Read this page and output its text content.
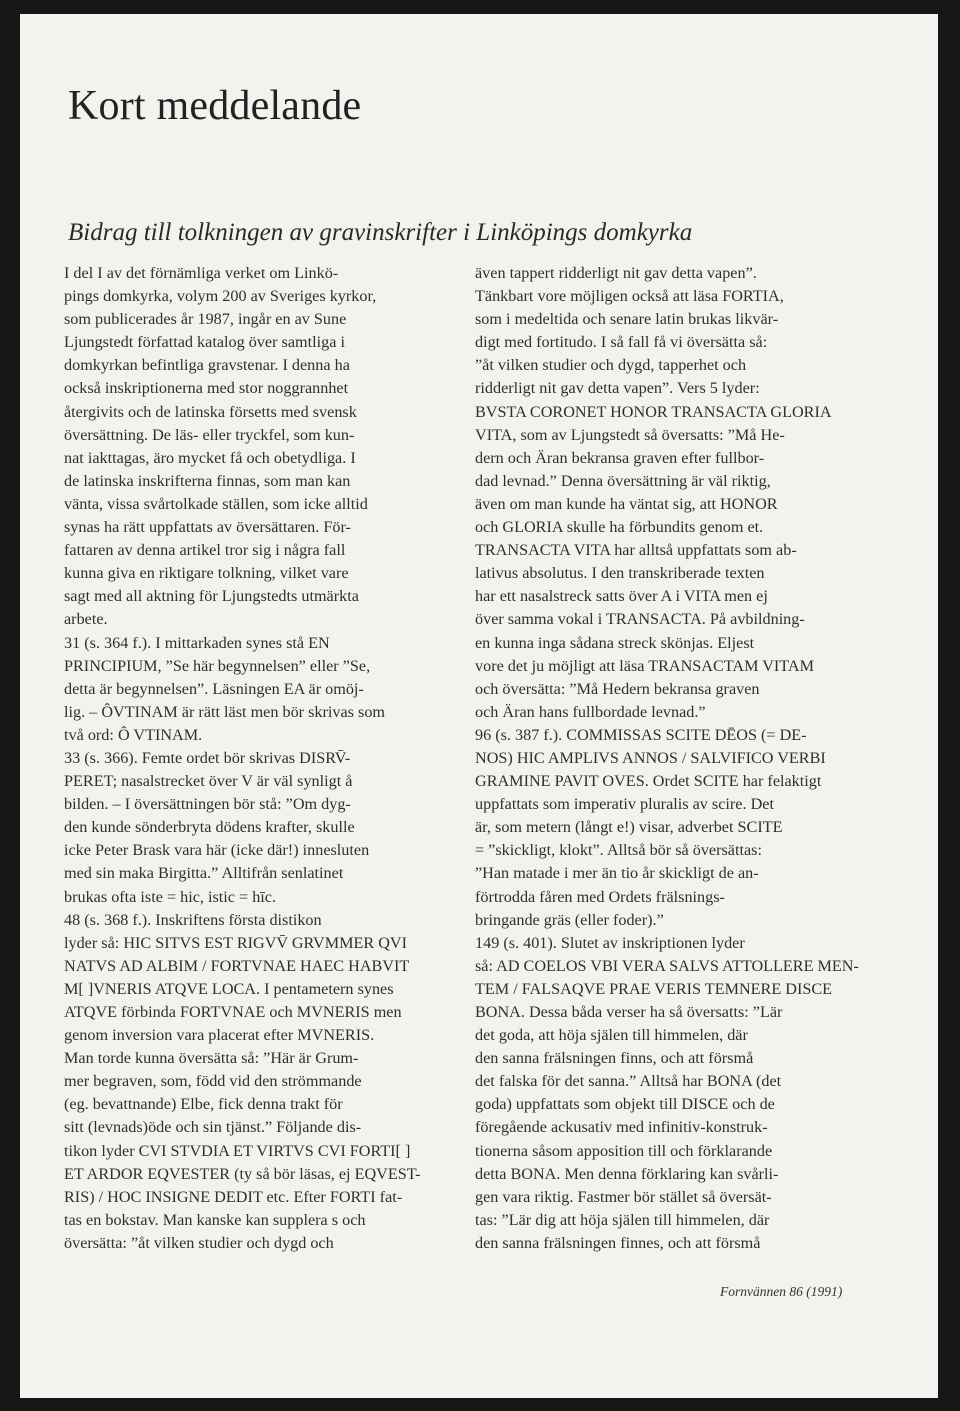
Kort meddelande
Bidrag till tolkningen av gravinskrifter i Linköpings domkyrka
I del I av det förnämliga verket om Linkö-
pings domkyrka, volym 200 av Sveriges kyrkor,
som publicerades år 1987, ingår en av Sune
Ljungstedt författad katalog över samtliga i
domkyrkan befintliga gravstenar. I denna ha
också inskriptionerna med stor noggrannhet
återgivits och de latinska försetts med svensk
översättning. De läs- eller tryckfel, som kun-
nat iakttagas, äro mycket få och obetydliga. I
de latinska inskrifterna finnas, som man kan
vänta, vissa svårtolkade ställen, som icke alltid
synas ha rätt uppfattats av översättaren. För-
fattaren av denna artikel tror sig i några fall
kunna giva en riktigare tolkning, vilket vare
sagt med all aktning för Ljungstedts utmärkta
arbete.
31 (s. 364 f.). I mittarkaden synes stå EN
PRINCIPIUM, ”Se här begynnelsen” eller ”Se,
detta är begynnelsen”. Läsningen EA är omöj-
lig. – ÔVTINAM är rätt läst men bör skrivas som
två ord: Ô VTINAM.
33 (s. 366). Femte ordet bör skrivas DISRV̄-
PERET; nasalstrecket över V är väl synligt å
bilden. – I översättningen bör stå: ”Om dyg-
den kunde sönderbryta dödens krafter, skulle
icke Peter Brask vara här (icke där!) innesluten
med sin maka Birgitta.” Alltifrån senlatinet
brukas ofta iste = hic, istic = hīc.
48 (s. 368 f.). Inskriftens första distikon
lyder så: HIC SITVS EST RIGVV̄ GRVMMER QVI
NATVS AD ALBIM / FORTVNAE HAEC HABVIT
M[ ]VNERIS ATQVE LOCA. I pentametern synes
ATQVE förbinda FORTVNAE och MVNERIS men
genom inversion vara placerat efter MVNERIS.
Man torde kunna översätta så: ”Här är Grum-
mer begraven, som, född vid den strömmande
(eg. bevattnande) Elbe, fick denna trakt för
sitt (levnads)öde och sin tjänst.” Följande dis-
tikon lyder CVI STVDIA ET VIRTVS CVI FORTI[ ]
ET ARDOR EQVESTER (ty så bör läsas, ej EQVEST-
RIS) / HOC INSIGNE DEDIT etc. Efter FORTI fat-
tas en bokstav. Man kanske kan supplera s och
översätta: ”åt vilken studier och dygd och
även tappert ridderligt nit gav detta vapen”.
Tänkbart vore möjligen också att läsa FORTIA,
som i medeltida och senare latin brukas likvär-
digt med fortitudo. I så fall få vi översätta så:
”åt vilken studier och dygd, tapperhet och
ridderligt nit gav detta vapen”. Vers 5 lyder:
BVSTA CORONET HONOR TRANSACTA GLORIA
VITA, som av Ljungstedt så översatts: ”Må He-
dern och Äran bekransa graven efter fullbor-
dad levnad.” Denna översättning är väl riktig,
även om man kunde ha väntat sig, att HONOR
och GLORIA skulle ha förbundits genom et.
TRANSACTA VITA har alltså uppfattats som ab-
lativus absolutus. I den transkriberade texten
har ett nasalstreck satts över A i VITA men ej
över samma vokal i TRANSACTA. På avbildning-
en kunna inga sådana streck skönjas. Eljest
vore det ju möjligt att läsa TRANSACTAM VITAM
och översätta: ”Må Hedern bekransa graven
och Äran hans fullbordade levnad.”
96 (s. 387 f.). COMMISSAS SCITE DĒOS (= DE-
NOS) HIC AMPLIVS ANNOS / SALVIFICO VERBI
GRAMINE PAVIT OVES. Ordet SCITE har felaktigt
uppfattats som imperativ pluralis av scire. Det
är, som metern (långt e!) visar, adverbet SCITE
= ”skickligt, klokt”. Alltså bör så översättas:
”Han matade i mer än tio år skickligt de an-
förtrodda fåren med Ordets frälsnings-
bringande gräs (eller foder).”
149 (s. 401). Slutet av inskriptionen lyder
så: AD COELOS VBI VERA SALVS ATTOLLERE MEN-
TEM / FALSAQVE PRAE VERIS TEMNERE DISCE
BONA. Dessa båda verser ha så översatts: ”Lär
det goda, att höja själen till himmelen, där
den sanna frälsningen finns, och att försmå
det falska för det sanna.” Alltså har BONA (det
goda) uppfattats som objekt till DISCE och de
föregående ackusativ med infinitiv-konstruk-
tionerna såsom apposition till och förklarande
detta BONA. Men denna förklaring kan svårli-
gen vara riktig. Fastmer bör stället så översät-
tas: ”Lär dig att höja själen till himmelen, där
den sanna frälsningen finnes, och att försmå
Fornvännen 86 (1991)
